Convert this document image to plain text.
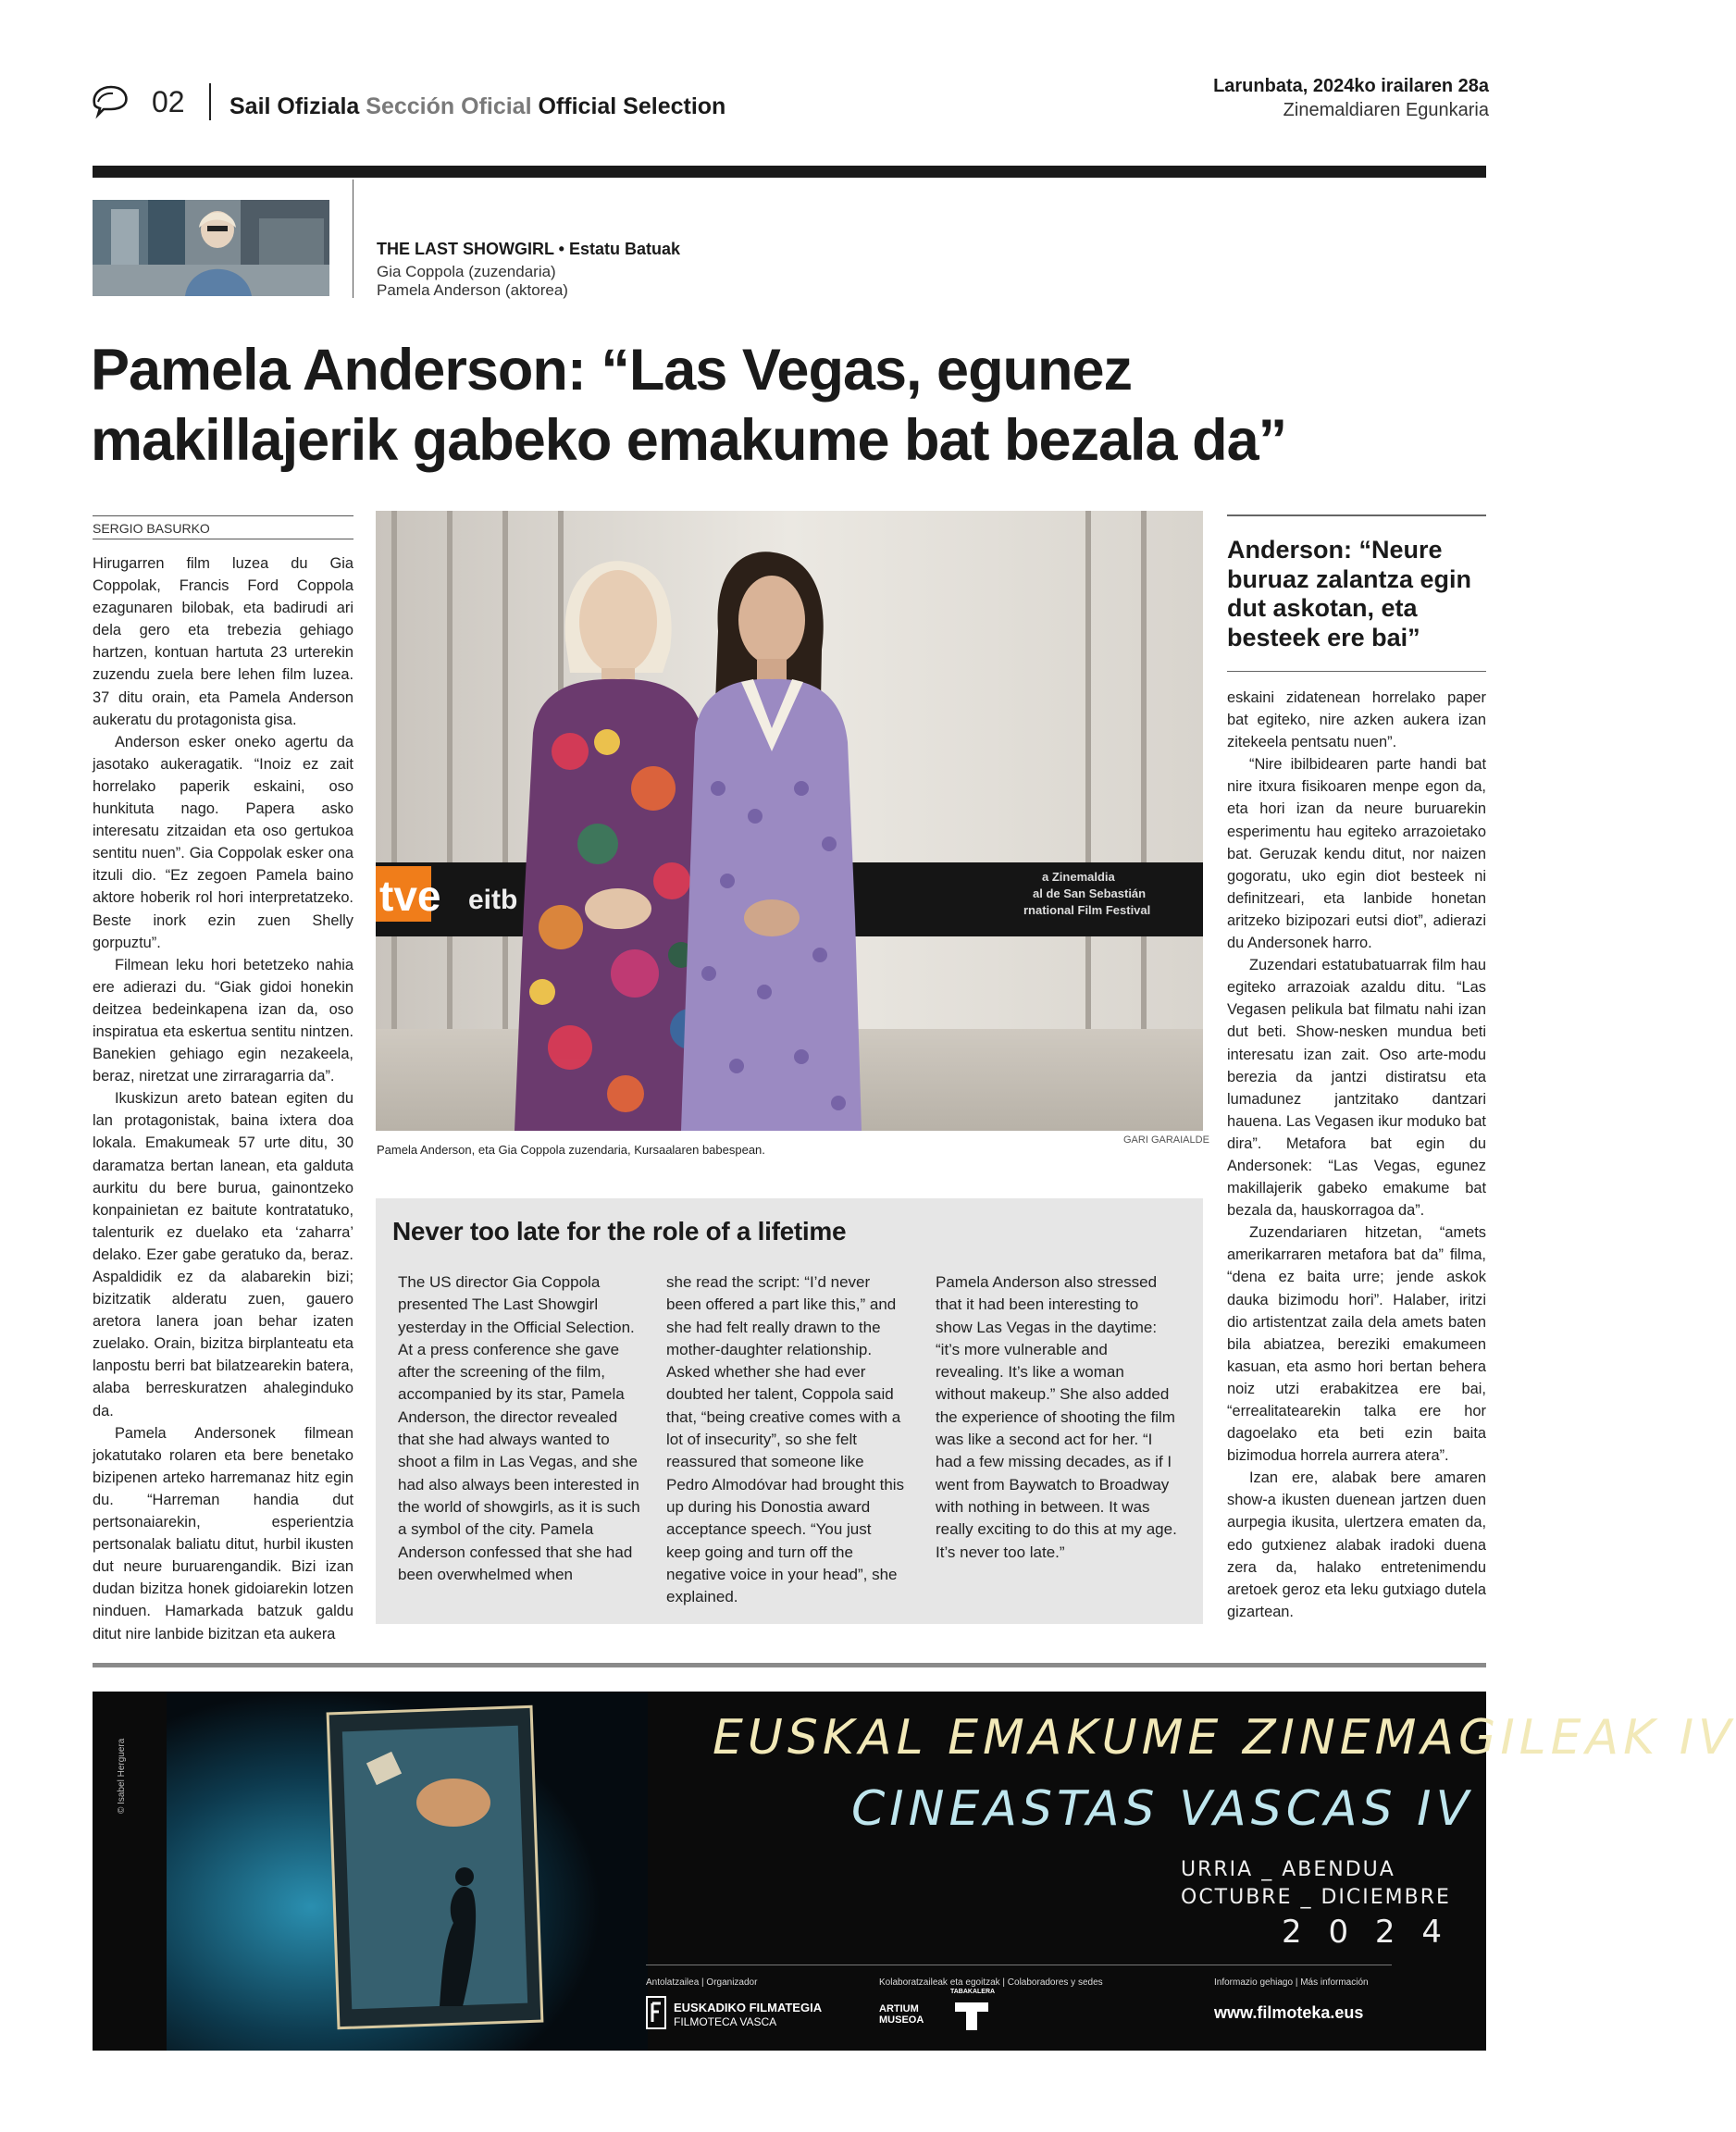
02 Sail Ofiziala Sección Oficial Official Selection
Larunbata, 2024ko irailaren 28a
Zinemaldiaren Egunkaria
THE LAST SHOWGIRL • Estatu Batuak
Gia Coppola (zuzendaria)
Pamela Anderson (aktorea)
Pamela Anderson: “Las Vegas, egunez
makillajerik gabeko emakume bat bezala da”
SERGIO BASURKO

Hirugarren film luzea du Gia Coppolak, Francis Ford Coppola ezagunaren bilobak, eta badirudi ari dela gero eta trebezia gehiago hartzen, kontuan hartuta 23 urterekin zuzendu zuela bere lehen film luzea. 37 ditu orain, eta Pamela Anderson aukeratu du protagonista gisa.

Anderson esker oneko agertu da jasotako aukeragatik. “Inoiz ez zait horrelako paperik eskaini, oso hunkituta nago. Papera asko interesatu zitzaidan eta oso gertukoa sentitu nuen”. Gia Coppolak esker ona itzuli dio. “Ez zegoen Pamela baino aktore hoberik rol hori interpretatzeko. Beste inork ezin zuen Shelly gorpuztu”.

Filmean leku hori betetzeko nahia ere adierazi du. “Giak gidoi honekin deitzea bedeinkapena izan da, oso inspiratua eta eskertua sentitu nintzen. Banekien gehiago egin nezakeela, beraz, niretzat une zirraragarria da”.

Ikuskizun areto batean egiten du lan protagonistak, baina ixtera doa lokala. Emakumeak 57 urte ditu, 30 daramatza bertan lanean, eta galduta aurkitu du bere burua, gainontzeko konpainietan ez baitute kontratatuko, talenturik ez duelako eta ‘zaharra’ delako. Ezer gabe geratuko da, beraz. Aspaldidik ez da alabarekin bizi; bizitzatik alderatu zuen, gauero aretora lanera joan behar izaten zuelako. Orain, bizitza birplanteatu eta lanpostu berri bat bilatzearekin batera, alaba berreskuratzen ahaleginduko da.

Pamela Andersonek filmean jokatutako rolaren eta bere benetako bizipenen arteko harremanaz hitz egin du. “Harreman handia dut pertsonaiarekin, esperientzia pertsonalak baliatu ditut, hurbil ikusten dut neure buruarengandik. Bizi izan dudan bizitza honek gidoiarekin lotzen ninduen. Hamarkada batzuk galdu ditut nire lanbide bizitzan eta aukera

tve eitb
a Zinemaldia
al de San Sebastián
rnational Film Festival
GARI GARAIALDE
Pamela Anderson, eta Gia Coppola zuzendaria, Kursaalaren babespean.
Never too late for the role of a lifetime

The US director Gia Coppola presented The Last Showgirl yesterday in the Official Selection. At a press conference she gave after the screening of the film, accompanied by its star, Pamela Anderson, the director revealed that she had always wanted to shoot a film in Las Vegas, and she had also always been interested in the world of showgirls, as it is such a symbol of the city. Pamela Anderson confessed that she had been overwhelmed when

she read the script: “I’d never been offered a part like this,” and she had felt really drawn to the mother-daughter relationship. Asked whether she had ever doubted her talent, Coppola said that, “being creative comes with a lot of insecurity”, so she felt reassured that someone like Pedro Almodóvar had brought this up during his Donostia award acceptance speech. “You just keep going and turn off the negative voice in your head”, she explained.

Pamela Anderson also stressed that it had been interesting to show Las Vegas in the daytime: “it’s more vulnerable and revealing. It’s like a woman without makeup.” She also added the experience of shooting the film was like a second act for her. “I had a few missing decades, as if I went from Baywatch to Broadway with nothing in between. It was really exciting to do this at my age. It’s never too late.”

Anderson: “Neure buruaz zalantza egin dut askotan, eta besteek ere bai”

eskaini zidatenean horrelako paper bat egiteko, nire azken aukera izan zitekeela pentsatu nuen”.

“Nire ibilbidearen parte handi bat nire itxura fisikoaren menpe egon da, eta hori izan da neure buruarekin esperimentu hau egiteko arrazoietako bat. Geruzak kendu ditut, nor naizen gogoratu, uko egin diot besteek ni definitzeari, eta lanbide honetan aritzeko bizipozari eutsi diot”, adierazi du Andersonek harro.

Zuzendari estatubatuarrak film hau egiteko arrazoiak azaldu ditu. “Las Vegasen pelikula bat filmatu nahi izan dut beti. Show-nesken mundua beti interesatu izan zait. Oso arte-modu berezia da jantzi distiratsu eta lumadunez jantzitako dantzari hauena. Las Vegasen ikur moduko bat dira”. Metafora bat egin du Andersonek: “Las Vegas, egunez makillajerik gabeko emakume bat bezala da, hauskorragoa da”.

Zuzendariaren hitzetan, “amets amerikarraren metafora bat da” filma, “dena ez baita urre; jende askok dauka bizimodu hori”. Halaber, iritzi dio artistentzat zaila dela amets baten bila abiatzea, bereziki emakumeen kasuan, eta asmo hori bertan behera noiz utzi erabakitzea ere bai, “errealitatearekin talka ere hor dagoelako eta beti ezin baita bizimodua horrela aurrera atera”.

Izan ere, alabak bere amaren show-a ikusten duenean jartzen duen aurpegia ikusita, ulertzera ematen da, edo gutxienez alabak iradoki duena zera da, halako entretenimendu aretoek geroz eta leku gutxiago dutela gizartean.

© Isabel Herguera
EUSKAL EMAKUME ZINEMAGILEAK IV
CINEASTAS VASCAS IV
URRIA _ ABENDUA
OCTUBRE _ DICIEMBRE
2 0 2 4
Antolatzailea | Organizador	Kolaboratzaileak eta egoitzak | Colaboradores y sedes	Informazio gehiago | Más información
EUSKADIKO FILMATEGIA
FILMOTECA VASCA
ARTIUM MUSEOA
TABAKALERA
www.filmoteka.eus
